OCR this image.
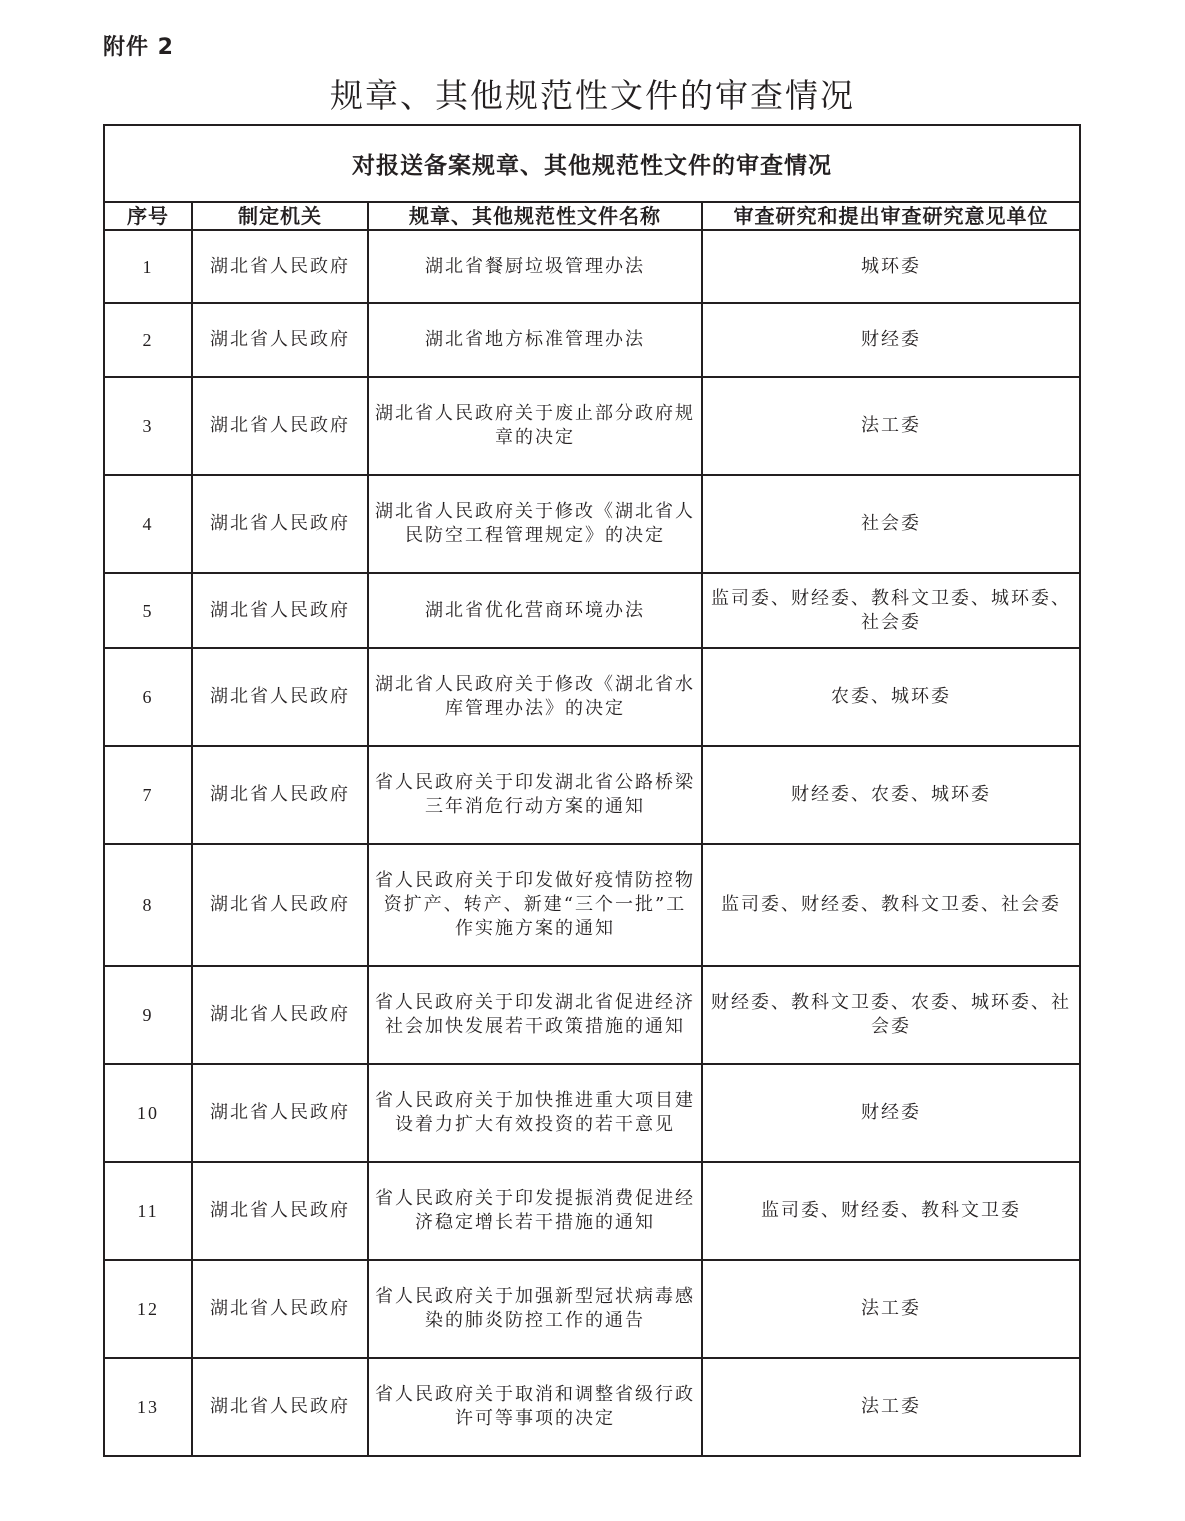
附件 2
规章、其他规范性文件的审查情况
对报送备案规章、其他规范性文件的审查情况			
序号	制定机关	规章、其他规范性文件名称	审查研究和提出审查研究意见单位
1	湖北省人民政府	湖北省餐厨垃圾管理办法	城环委
2	湖北省人民政府	湖北省地方标准管理办法	财经委
3	湖北省人民政府	湖北省人民政府关于废止部分政府规章的决定	法工委
4	湖北省人民政府	湖北省人民政府关于修改《湖北省人民防空工程管理规定》的决定	社会委
5	湖北省人民政府	湖北省优化营商环境办法	监司委、财经委、教科文卫委、城环委、社会委
6	湖北省人民政府	湖北省人民政府关于修改《湖北省水库管理办法》的决定	农委、城环委
7	湖北省人民政府	省人民政府关于印发湖北省公路桥梁三年消危行动方案的通知	财经委、农委、城环委
8	湖北省人民政府	省人民政府关于印发做好疫情防控物资扩产、转产、新建“三个一批”工作实施方案的通知	监司委、财经委、教科文卫委、社会委
9	湖北省人民政府	省人民政府关于印发湖北省促进经济社会加快发展若干政策措施的通知	财经委、教科文卫委、农委、城环委、社会委
10	湖北省人民政府	省人民政府关于加快推进重大项目建设着力扩大有效投资的若干意见	财经委
11	湖北省人民政府	省人民政府关于印发提振消费促进经济稳定增长若干措施的通知	监司委、财经委、教科文卫委
12	湖北省人民政府	省人民政府关于加强新型冠状病毒感染的肺炎防控工作的通告	法工委
13	湖北省人民政府	省人民政府关于取消和调整省级行政许可等事项的决定	法工委
